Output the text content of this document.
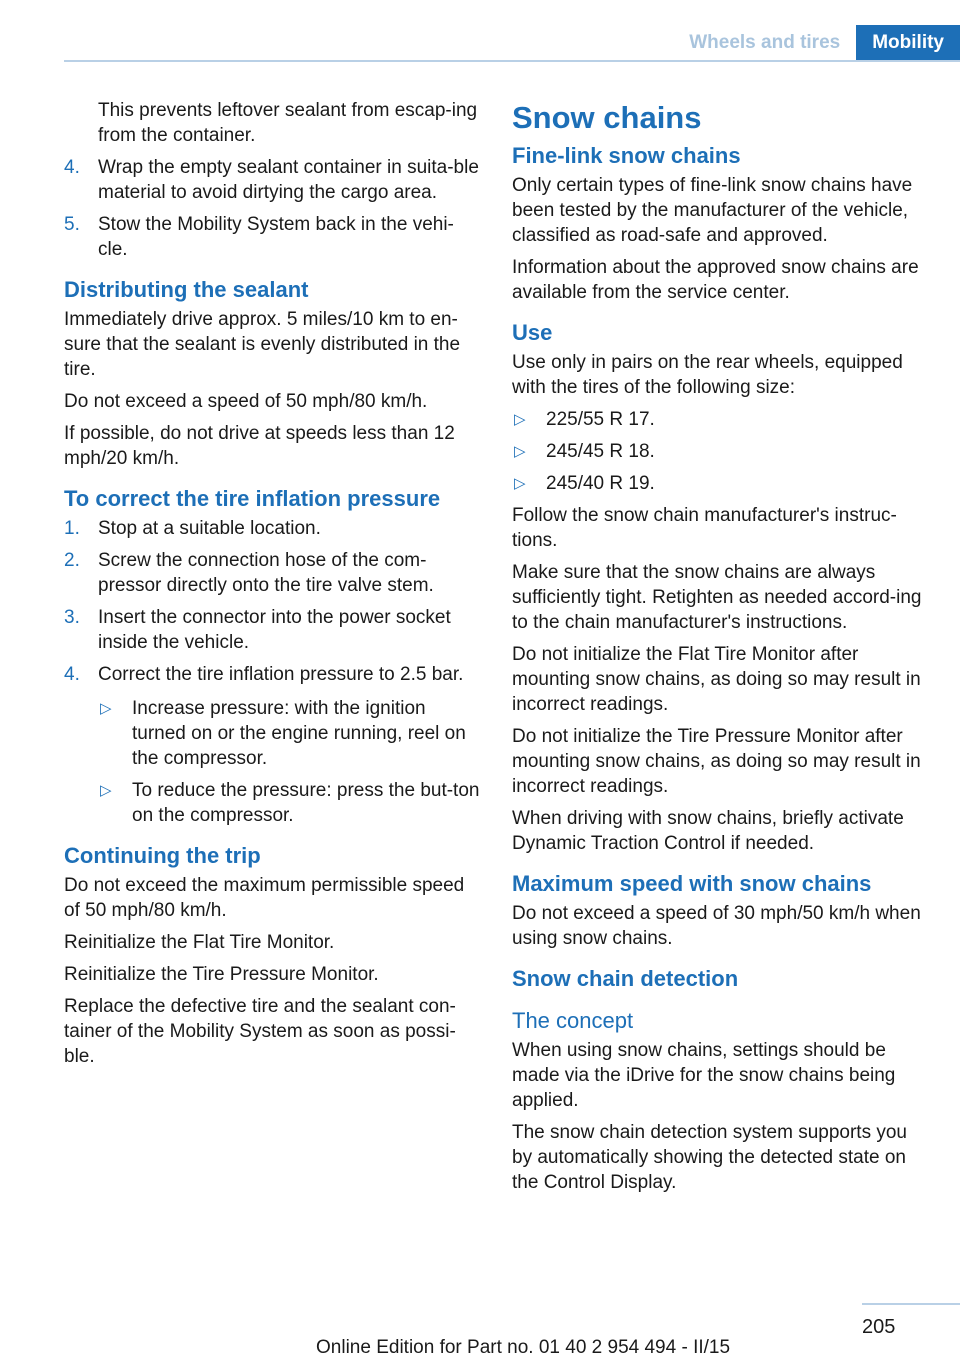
Wheels and tires	Mobility

This prevents leftover sealant from escap-ing from the container.

4. Wrap the empty sealant container in suita-ble material to avoid dirtying the cargo area.
5. Stow the Mobility System back in the vehi-cle.
Distributing the sealant

Immediately drive approx. 5 miles/10 km to en-sure that the sealant is evenly distributed in the tire.

Do not exceed a speed of 50 mph/80 km/h.

If possible, do not drive at speeds less than 12 mph/20 km/h.

To correct the tire inflation pressure
1. Stop at a suitable location.
2. Screw the connection hose of the com-pressor directly onto the tire valve stem.
3. Insert the connector into the power socket inside the vehicle.
4. Correct the tire inflation pressure to 2.5 bar.
▷ Increase pressure: with the ignition turned on or the engine running, reel on the compressor.
▷ To reduce the pressure: press the but-ton on the compressor.
Continuing the trip

Do not exceed the maximum permissible speed of 50 mph/80 km/h.

Reinitialize the Flat Tire Monitor.

Reinitialize the Tire Pressure Monitor.

Replace the defective tire and the sealant con-tainer of the Mobility System as soon as possi-ble.

Snow chains
Fine-link snow chains

Only certain types of fine-link snow chains have been tested by the manufacturer of the vehicle, classified as road-safe and approved.

Information about the approved snow chains are available from the service center.

Use

Use only in pairs on the rear wheels, equipped with the tires of the following size:

▷ 225/55 R 17.
▷ 245/45 R 18.
▷ 245/40 R 19.

Follow the snow chain manufacturer's instruc-tions.

Make sure that the snow chains are always sufficiently tight. Retighten as needed accord-ing to the chain manufacturer's instructions.

Do not initialize the Flat Tire Monitor after mounting snow chains, as doing so may result in incorrect readings.

Do not initialize the Tire Pressure Monitor after mounting snow chains, as doing so may result in incorrect readings.

When driving with snow chains, briefly activate Dynamic Traction Control if needed.

Maximum speed with snow chains

Do not exceed a speed of 30 mph/50 km/h when using snow chains.

Snow chain detection
The concept

When using snow chains, settings should be made via the iDrive for the snow chains being applied.

The snow chain detection system supports you by automatically showing the detected state on the Control Display.

205
Online Edition for Part no. 01 40 2 954 494 - II/15
